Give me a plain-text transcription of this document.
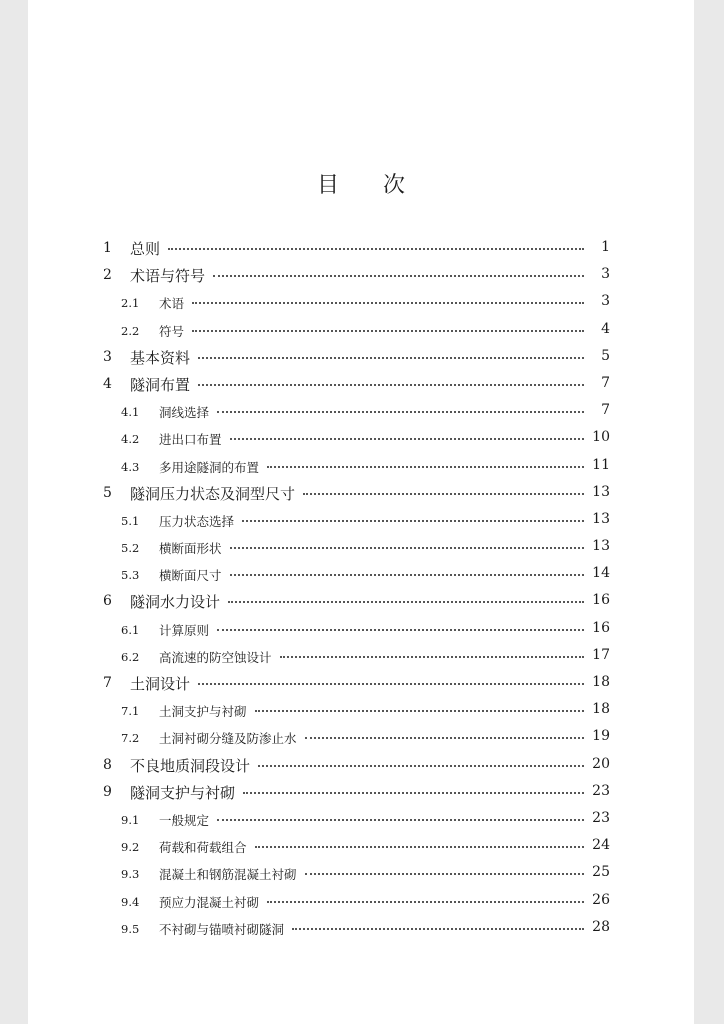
目 次
1 总则	1
2 术语与符号	3
2.1 术语	3
2.2 符号	4
3 基本资料	5
4 隧洞布置	7
4.1 洞线选择	7
4.2 进出口布置	10
4.3 多用途隧洞的布置	11
5 隧洞压力状态及洞型尺寸	13
5.1 压力状态选择	13
5.2 横断面形状	13
5.3 横断面尺寸	14
6 隧洞水力设计	16
6.1 计算原则	16
6.2 高流速的防空蚀设计	17
7 土洞设计	18
7.1 土洞支护与衬砌	18
7.2 土洞衬砌分缝及防渗止水	19
8 不良地质洞段设计	20
9 隧洞支护与衬砌	23
9.1 一般规定	23
9.2 荷载和荷载组合	24
9.3 混凝土和钢筋混凝土衬砌	25
9.4 预应力混凝土衬砌	26
9.5 不衬砌与锚喷衬砌隧洞	28
